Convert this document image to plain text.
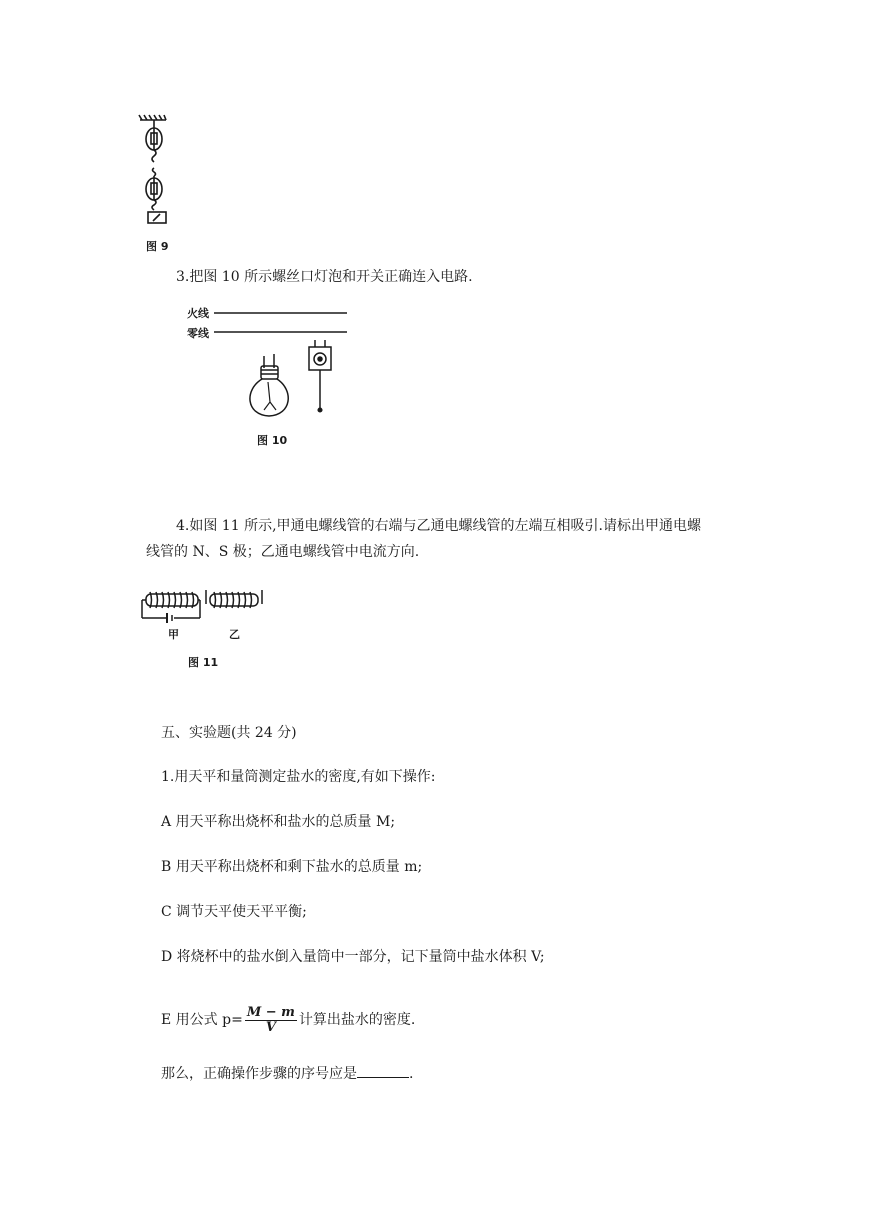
图 9
3.把图 10 所示螺丝口灯泡和开关正确连入电路.
火线
零线
图 10
4.如图 11 所示,甲通电螺线管的右端与乙通电螺线管的左端互相吸引.请标出甲通电螺
线管的 N、S 极；乙通电螺线管中电流方向.
甲	乙
图 11
五、实验题(共 24 分)
1.用天平和量筒测定盐水的密度,有如下操作:
A 用天平称出烧杯和盐水的总质量 M;
B 用天平称出烧杯和剩下盐水的总质量 m;
C 调节天平使天平平衡;
D 将烧杯中的盐水倒入量筒中一部分，记下量筒中盐水体积 V;
E 用公式 $p= \frac{M - m}{V}$ 计算出盐水的密度.
那么，正确操作步骤的序号应是	.
